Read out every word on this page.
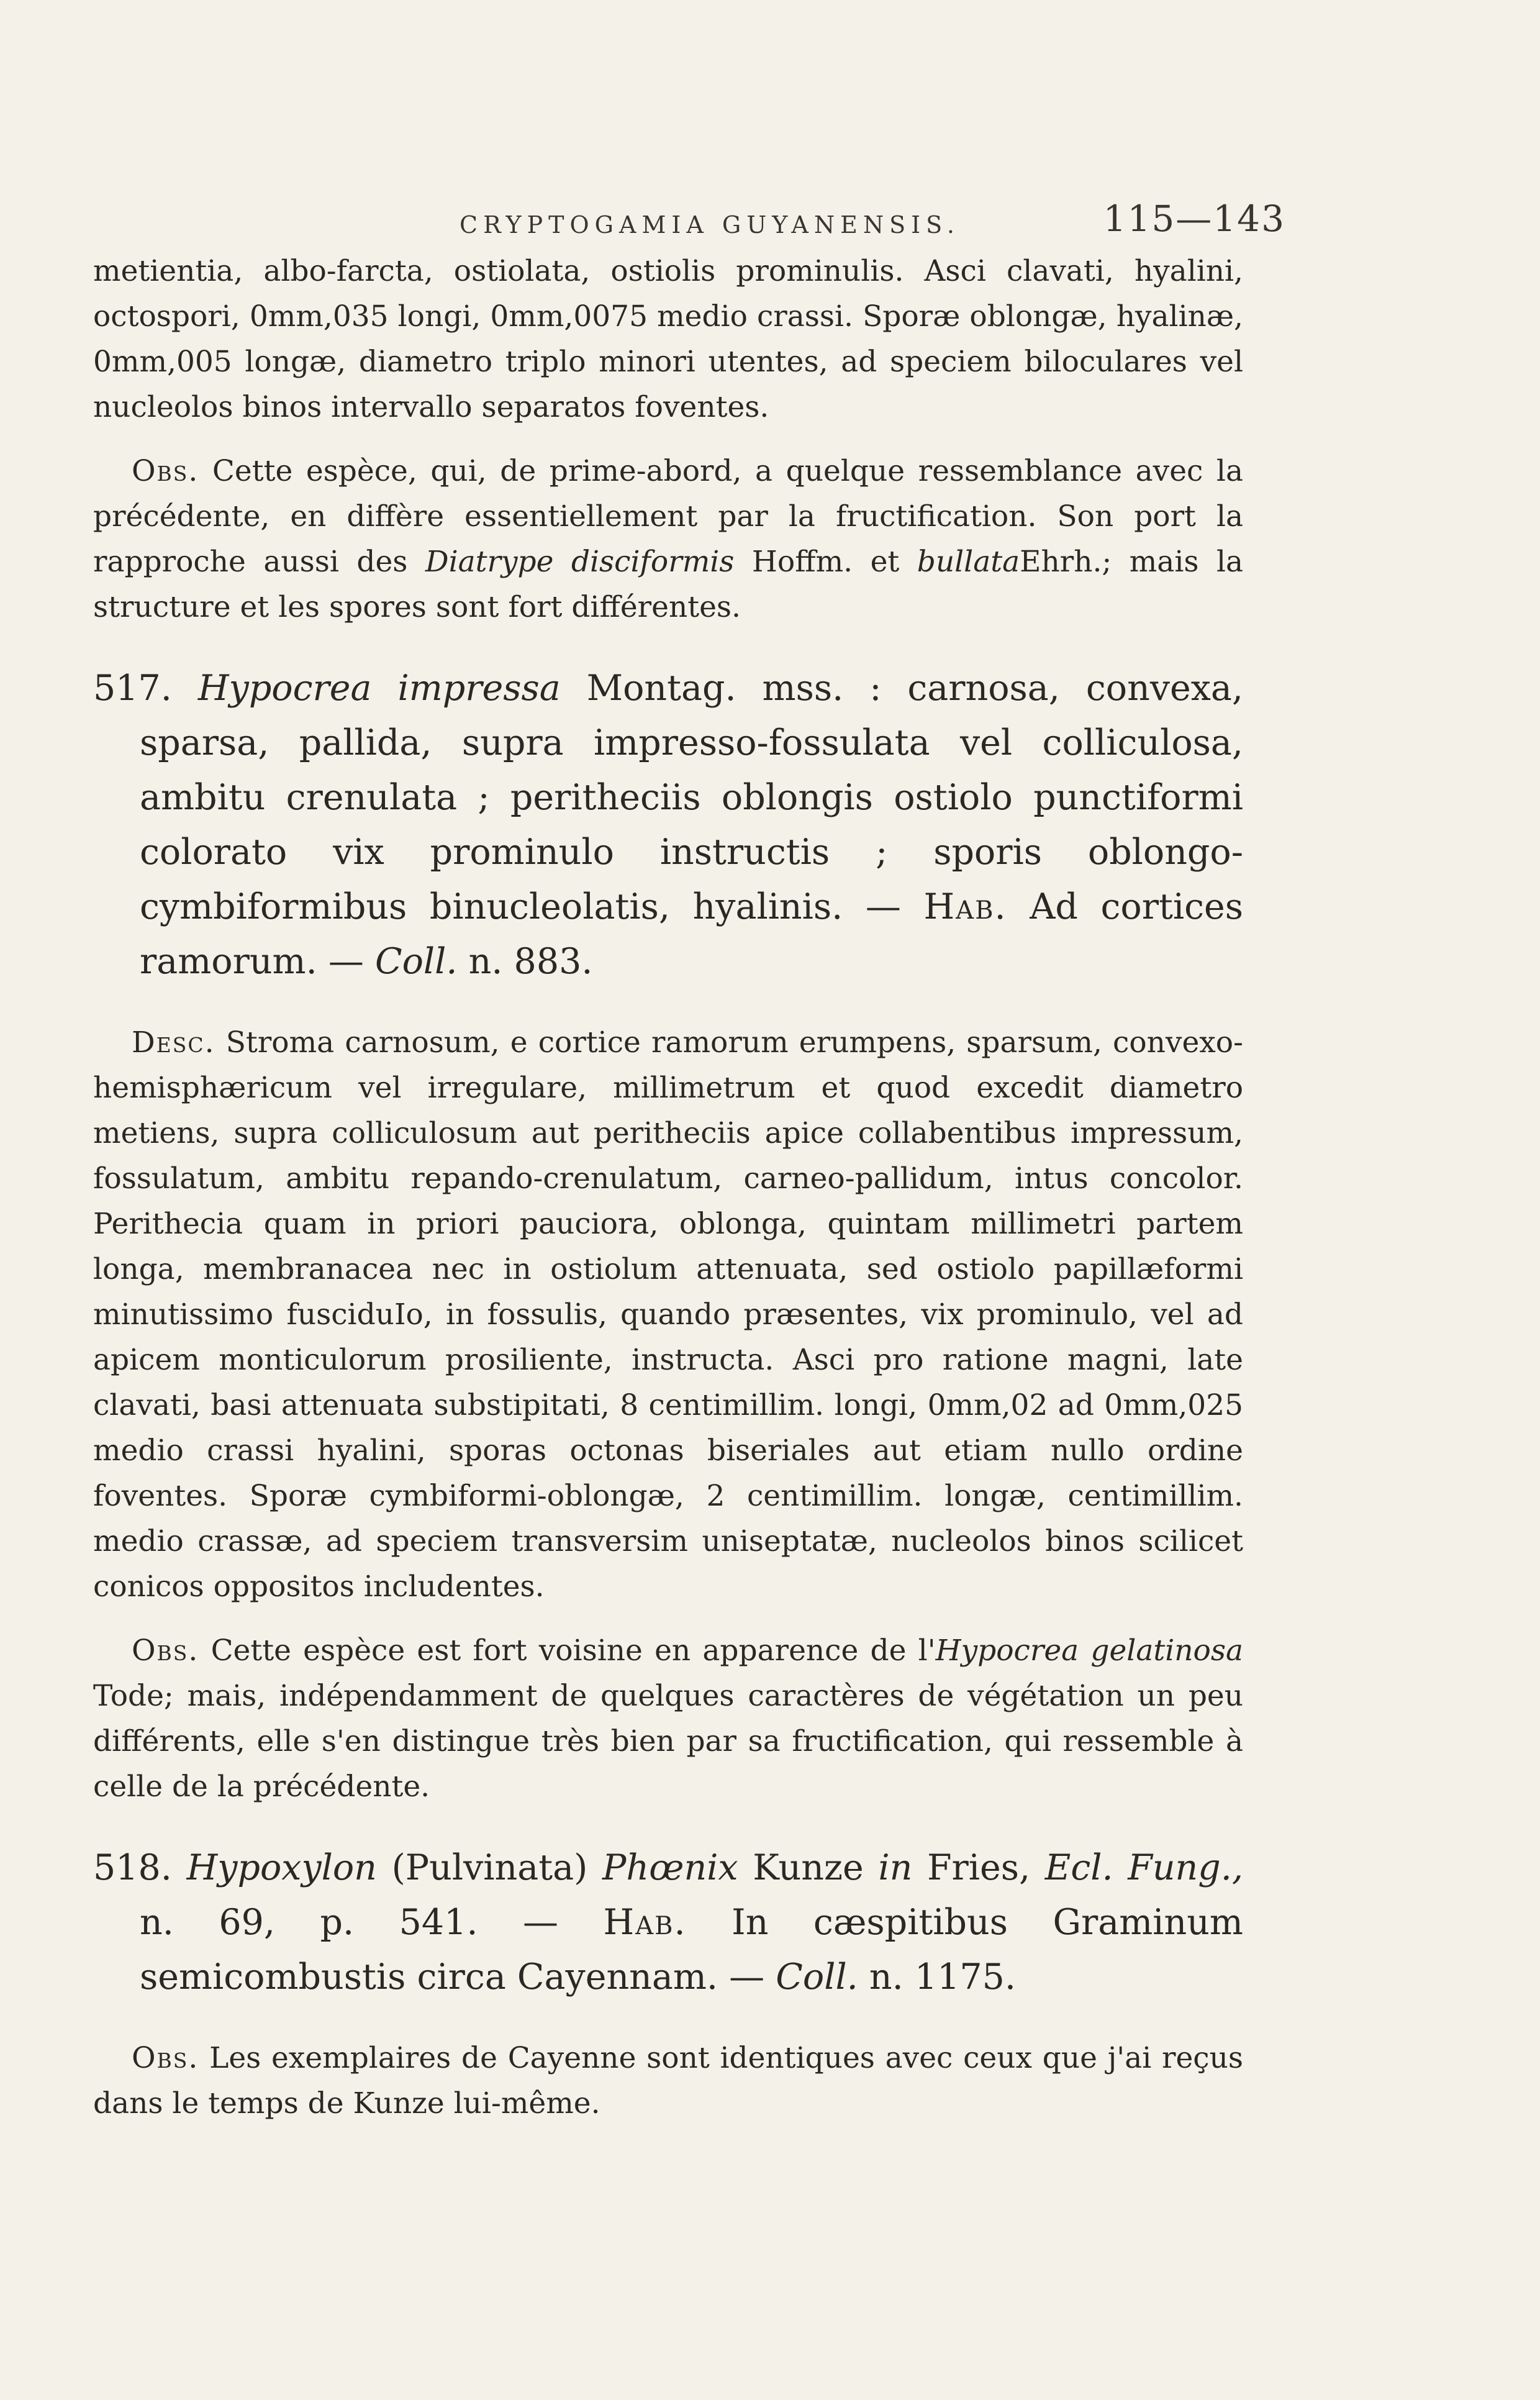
CRYPTOGAMIA GUYANENSIS.	115—143

metientia, albo-farcta, ostiolata, ostiolis prominulis. Asci clavati, hyalini, octospori, 0mm,035 longi, 0mm,0075 medio crassi. Sporæ oblongæ, hyalinæ, 0mm,005 longæ, diametro triplo minori utentes, ad speciem biloculares vel nucleolos binos intervallo separatos foventes.

Obs. Cette espèce, qui, de prime-abord, a quelque ressemblance avec la précédente, en diffère essentiellement par la fructification. Son port la rapproche aussi des Diatrype disciformis Hoffm. et bullataEhrh.; mais la structure et les spores sont fort différentes.

517. Hypocrea impressa Montag. mss. : carnosa, convexa, sparsa, pallida, supra impresso-fossulata vel colliculosa, ambitu crenulata ; peritheciis oblongis ostiolo punctiformi colorato vix prominulo instructis ; sporis oblongo-cymbiformibus binucleolatis, hyalinis. — Hab. Ad cortices ramorum. — Coll. n. 883.

Desc. Stroma carnosum, e cortice ramorum erumpens, sparsum, convexo-hemisphæricum vel irregulare, millimetrum et quod excedit diametro metiens, supra colliculosum aut peritheciis apice collabentibus impressum, fossulatum, ambitu repando-crenulatum, carneo-pallidum, intus concolor. Perithecia quam in priori pauciora, oblonga, quintam millimetri partem longa, membranacea nec in ostiolum attenuata, sed ostiolo papillæformi minutissimo fusciduIo, in fossulis, quando præsentes, vix prominulo, vel ad apicem monticulorum prosiliente, instructa. Asci pro ratione magni, late clavati, basi attenuata substipitati, 8 centimillim. longi, 0mm,02 ad 0mm,025 medio crassi hyalini, sporas octonas biseriales aut etiam nullo ordine foventes. Sporæ cymbiformi-oblongæ, 2 centimillim. longæ, centimillim. medio crassæ, ad speciem transversim uniseptatæ, nucleolos binos scilicet conicos oppositos includentes.

Obs. Cette espèce est fort voisine en apparence de l'Hypocrea gelatinosa Tode; mais, indépendamment de quelques caractères de végétation un peu différents, elle s'en distingue très bien par sa fructification, qui ressemble à celle de la précédente.

518. Hypoxylon (Pulvinata) Phœnix Kunze in Fries, Ecl. Fung., n. 69, p. 541. — Hab. In cæspitibus Graminum semicombustis circa Cayennam. — Coll. n. 1175.

Obs. Les exemplaires de Cayenne sont identiques avec ceux que j'ai reçus dans le temps de Kunze lui-même.
